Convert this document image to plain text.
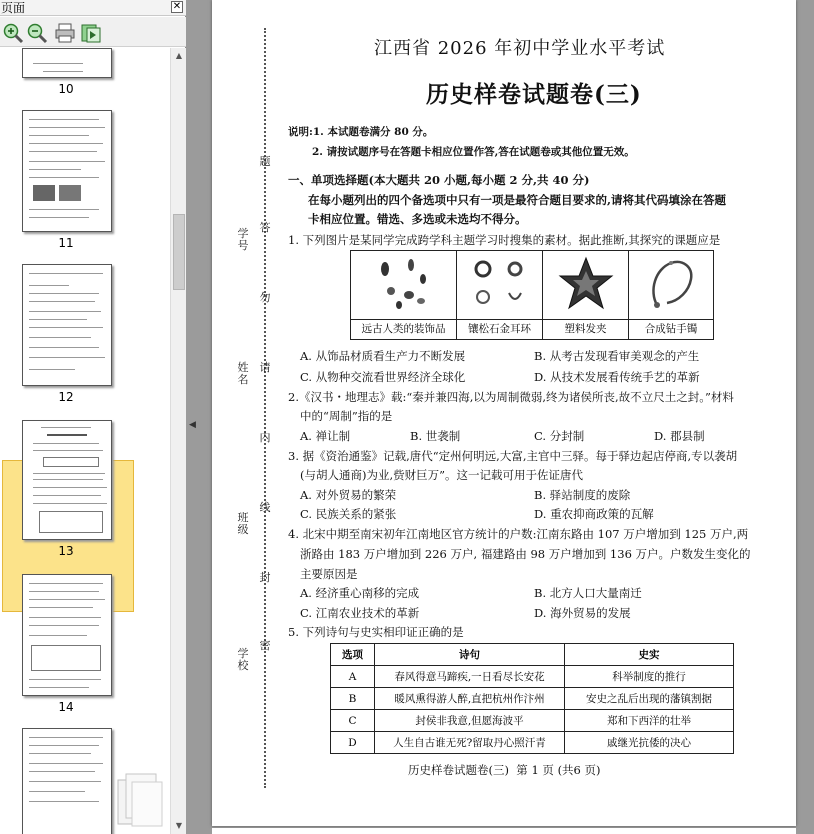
页面	✕
10
11
12
13
14
▲
▼
◀
学号
姓名
班级
学校
题
答
勿
请
内
线
封
密
江西省 2026 年初中学业水平考试
历史样卷试题卷(三)
说明:1. 本试题卷满分 80 分。
2. 请按试题序号在答题卡相应位置作答,答在试题卷或其他位置无效。
一、单项选择题(本大题共 20 小题,每小题 2 分,共 40 分)
在每小题列出的四个备选项中只有一项是最符合题目要求的,请将其代码填涂在答题
卡相应位置。错选、多选或未选均不得分。
1. 下列图片是某同学完成跨学科主题学习时搜集的素材。据此推断,其探究的课题应是
远古人类的装饰品	镶松石金耳环	塑料发夹	合成钻手镯
A. 从饰品材质看生产力不断发展	B. 从考古发现看审美观念的产生
C. 从物种交流看世界经济全球化	D. 从技术发展看传统手艺的革新
2.《汉书・地理志》载:“秦并兼四海,以为周制微弱,终为诸侯所丧,故不立尺土之封。”材料
中的“周制”指的是
A. 禅让制	B. 世袭制	C. 分封制	D. 郡县制
3. 据《资治通鉴》记载,唐代“定州何明远,大富,主官中三驿。每于驿边起店停商,专以袭胡
(与胡人通商)为业,赀财巨万”。这一记载可用于佐证唐代
A. 对外贸易的繁荣	B. 驿站制度的废除
C. 民族关系的紧张	D. 重农抑商政策的瓦解
4. 北宋中期至南宋初年江南地区官方统计的户数:江南东路由 107 万户增加到 125 万户,两
浙路由 183 万户增加到 226 万户, 福建路由 98 万户增加到 136 万户。户数发生变化的
主要原因是
A. 经济重心南移的完成	B. 北方人口大量南迁
C. 江南农业技术的革新	D. 海外贸易的发展
5. 下列诗句与史实相印证正确的是
选项	诗句	史实
A	春风得意马蹄疾,一日看尽长安花	科举制度的推行
B	暖风熏得游人醉,直把杭州作汴州	安史之乱后出现的藩镇割据
C	封侯非我意,但愿海波平	郑和下西洋的壮举
D	人生自古谁无死?留取丹心照汗青	戚继光抗倭的决心
历史样卷试题卷(三)  第 1 页 (共6 页)
